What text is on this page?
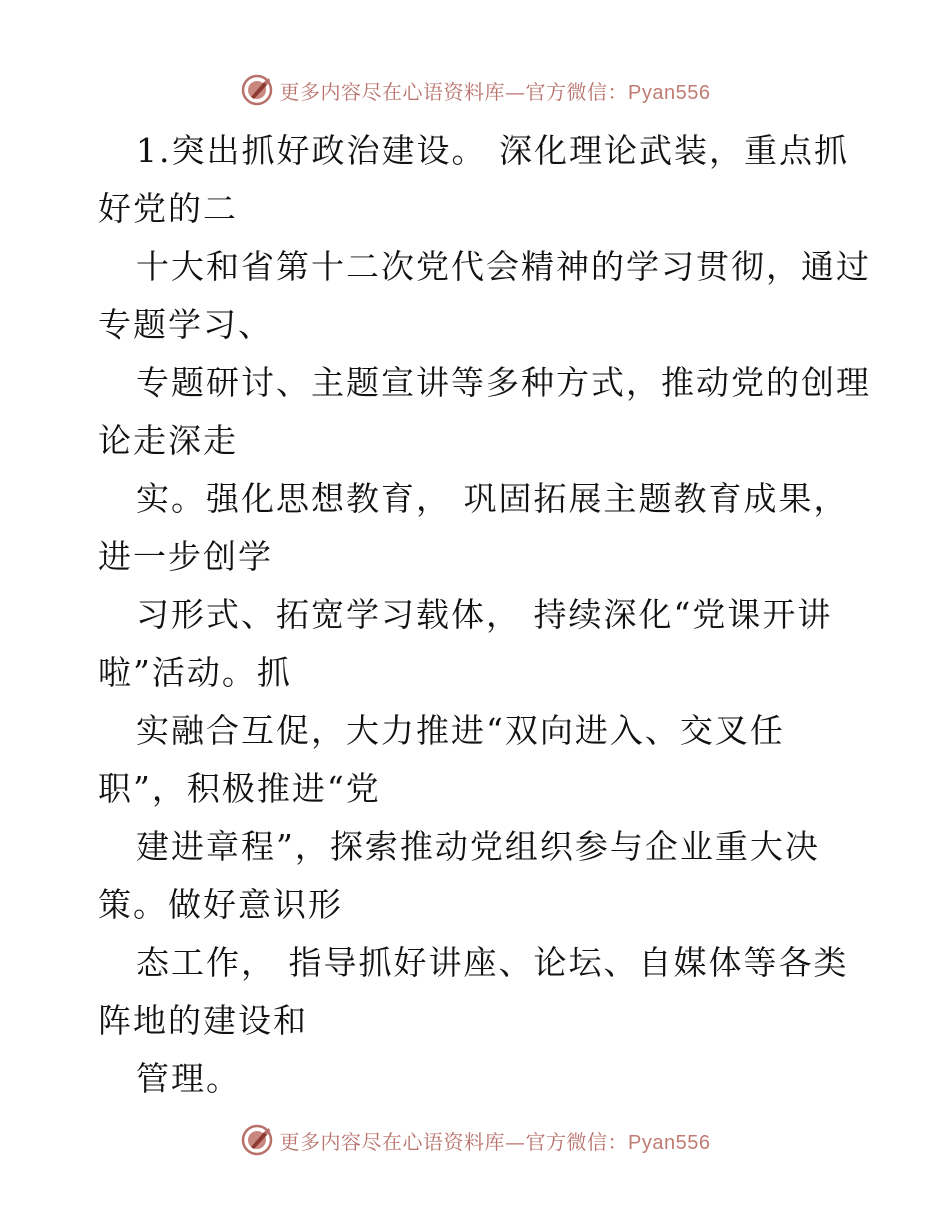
更多内容尽在心语资料库—官方微信：Pyan556
1.突出抓好政治建设。 深化理论武装，重点抓
好党的二
十大和省第十二次党代会精神的学习贯彻，通过
专题学习、
专题研讨、主题宣讲等多种方式，推动党的创理
论走深走
实。强化思想教育， 巩固拓展主题教育成果，
进一步创学
习形式、拓宽学习载体， 持续深化“党课开讲
啦”活动。抓
实融合互促，大力推进“双向进入、交叉任
职”，积极推进“党
建进章程”，探索推动党组织参与企业重大决
策。做好意识形
态工作， 指导抓好讲座、论坛、自媒体等各类
阵地的建设和
管理。
更多内容尽在心语资料库—官方微信：Pyan556
